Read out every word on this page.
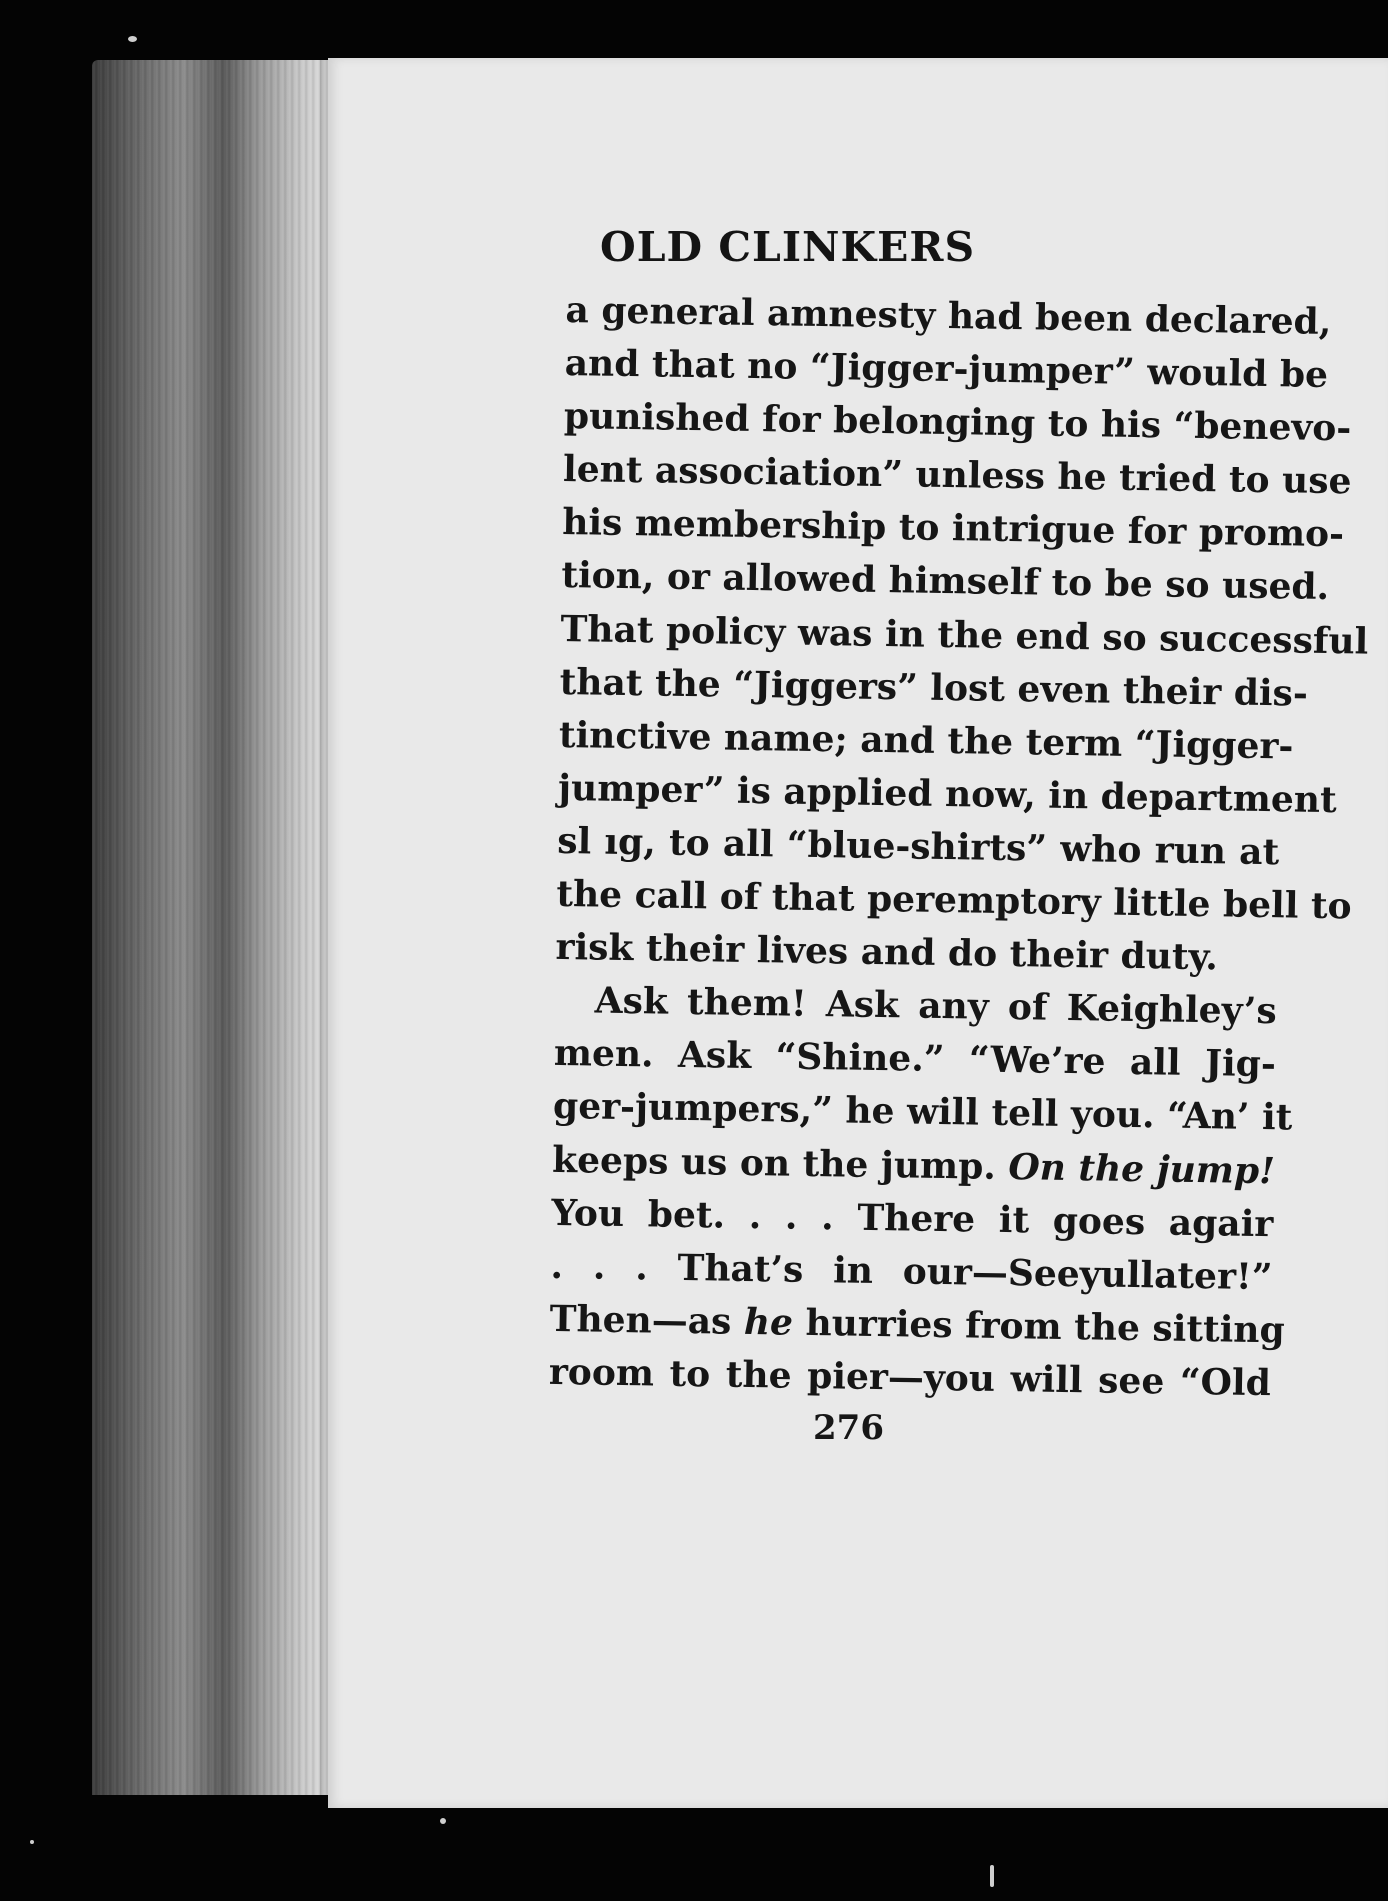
OLD CLINKERS
a general amnesty had been declared,
and that no “Jigger-jumper” would be
punished for belonging to his “benevo-
lent association” unless he tried to use
his membership to intrigue for promo-
tion, or allowed himself to be so used.
That policy was in the end so successful
that the “Jiggers” lost even their dis-
tinctive name; and the term “Jigger-
jumper” is applied now, in department
sl ıg, to all “blue-shirts” who run at
the call of that peremptory little bell to
risk their lives and do their duty.
Ask them! Ask any of Keighley’s
men. Ask “Shine.” “We’re all Jig-
ger-jumpers,” he will tell you. “An’ it
keeps us on the jump. On the jump!
You bet. . . . There it goes agair
. . . That’s in our—Seeyullater!”
Then—as he hurries from the sitting
room to the pier—you will see “Old
276
